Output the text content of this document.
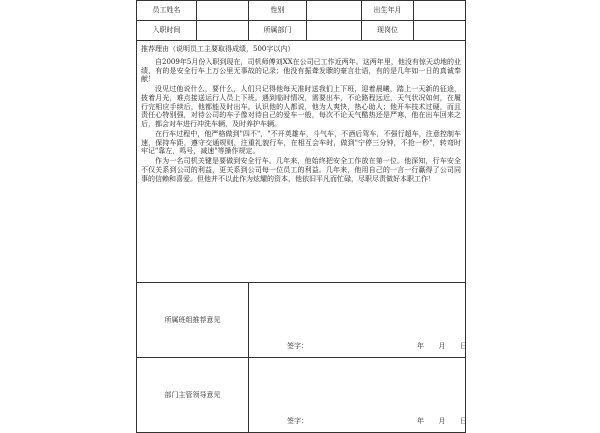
员工姓名		性别		出生年月	
入职时间		所属部门		现岗位	

推荐理由（说明员工主要取得成绩，500字以内）

自2009年5月份入职到现在，司机师傅刘XX在公司已工作近两年。这两年里，他没有惊天动地的业绩，有的是安全行车上万公里无事故的记录；他没有振聋发聩的豪言壮语，有的是几年如一日的真诚奉献！

没见过他说什么，要什么，人们只记得他每天准时送我们上下班，迎着晨曦，踏上一天新的征途，披着月光，难点接送运行人员上下班。遇到临时情况，需要出车，不论路程远近，天气状况如何，在履行完相应手续后，他都能及时出车。认识他的人都说，他为人爽快，热心助人；他开车技术过硬，而且责任心特别强，对待公司的车子像对待自己的爱车一般，每次不论天气酷热还是严寒，他在出车回来之后，都会对车进行冲洗车辆，及时养护车辆。

在行车过程中，他严格做到"四不"，"不开英雄车，斗气车，不酒后驾车，不强行超车，注意控制车速，保持车距，遵守交通规则，注重礼貌行车，在相互会车时，做到"宁停三分钟，不抢一秒"，转弯时牢记"靠左，鸣号，减速"等操作规定。

作为一名司机关键是要做到安全行车。几年来，他始终把安全工作放在第一位。他深知，行车安全不仅关系到公司的利益，更关系到公司每一位员工的利益。几年来，他用自己的一言一行赢得了公司同事的信赖和喜爱。但他并不以此作为炫耀的资本，他依旧平凡而忙碌，尽职尽责做好本职工作！					

所属班组推荐意见		签字： 年 月 日			

部门主管领导意见		签字： 年 月 日			
